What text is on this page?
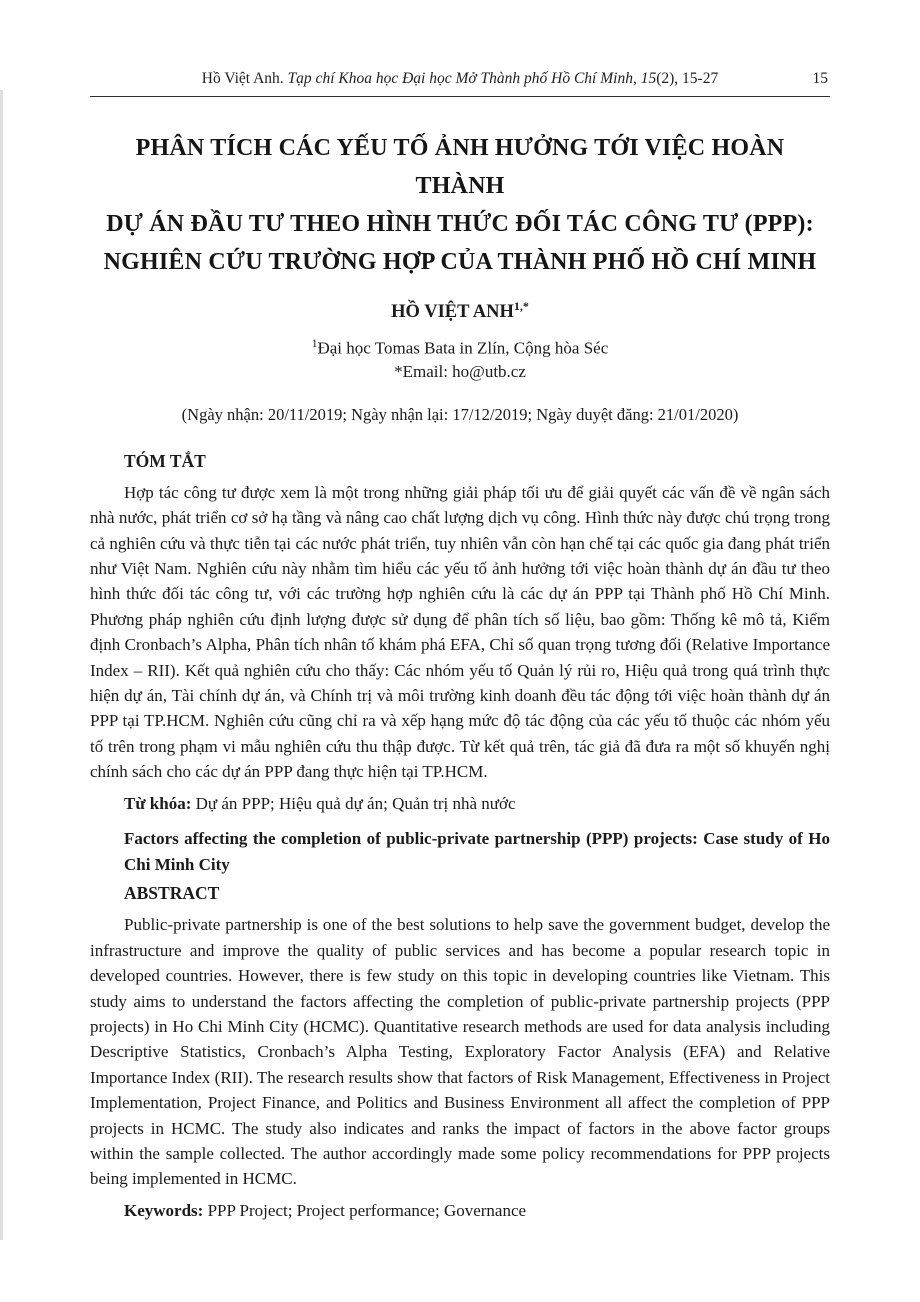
Hồ Việt Anh. Tạp chí Khoa học Đại học Mở Thành phố Hồ Chí Minh, 15(2), 15-27	15
PHÂN TÍCH CÁC YẾU TỐ ẢNH HƯỞNG TỚI VIỆC HOÀN THÀNH
DỰ ÁN ĐẦU TƯ THEO HÌNH THỨC ĐỐI TÁC CÔNG TƯ (PPP):
NGHIÊN CỨU TRƯỜNG HỢP CỦA THÀNH PHỐ HỒ CHÍ MINH
HỒ VIỆT $ANH^{1,*}$
$^1$Đại học Tomas Bata in Zlín, Cộng hòa Séc
*Email: ho@utb.cz
(Ngày nhận: 20/11/2019; Ngày nhận lại: 17/12/2019; Ngày duyệt đăng: 21/01/2020)
TÓM TẮT

Hợp tác công tư được xem là một trong những giải pháp tối ưu để giải quyết các vấn đề về ngân sách nhà nước, phát triển cơ sở hạ tầng và nâng cao chất lượng dịch vụ công. Hình thức này được chú trọng trong cả nghiên cứu và thực tiễn tại các nước phát triển, tuy nhiên vẫn còn hạn chế tại các quốc gia đang phát triển như Việt Nam. Nghiên cứu này nhằm tìm hiểu các yếu tố ảnh hưởng tới việc hoàn thành dự án đầu tư theo hình thức đối tác công tư, với các trường hợp nghiên cứu là các dự án PPP tại Thành phố Hồ Chí Minh. Phương pháp nghiên cứu định lượng được sử dụng để phân tích số liệu, bao gồm: Thống kê mô tả, Kiểm định Cronbach’s Alpha, Phân tích nhân tố khám phá EFA, Chỉ số quan trọng tương đối (Relative Importance Index – RII). Kết quả nghiên cứu cho thấy: Các nhóm yếu tố Quản lý rủi ro, Hiệu quả trong quá trình thực hiện dự án, Tài chính dự án, và Chính trị và môi trường kinh doanh đều tác động tới việc hoàn thành dự án PPP tại TP.HCM. Nghiên cứu cũng chỉ ra và xếp hạng mức độ tác động của các yếu tố thuộc các nhóm yếu tố trên trong phạm vi mẫu nghiên cứu thu thập được. Từ kết quả trên, tác giả đã đưa ra một số khuyến nghị chính sách cho các dự án PPP đang thực hiện tại TP.HCM.

Từ khóa: Dự án PPP; Hiệu quả dự án; Quản trị nhà nước
Factors affecting the completion of public-private partnership (PPP) projects: Case study of Ho Chi Minh City
ABSTRACT

Public-private partnership is one of the best solutions to help save the government budget, develop the infrastructure and improve the quality of public services and has become a popular research topic in developed countries. However, there is few study on this topic in developing countries like Vietnam. This study aims to understand the factors affecting the completion of public-private partnership projects (PPP projects) in Ho Chi Minh City (HCMC). Quantitative research methods are used for data analysis including Descriptive Statistics, Cronbach’s Alpha Testing, Exploratory Factor Analysis (EFA) and Relative Importance Index (RII). The research results show that factors of Risk Management, Effectiveness in Project Implementation, Project Finance, and Politics and Business Environment all affect the completion of PPP projects in HCMC. The study also indicates and ranks the impact of factors in the above factor groups within the sample collected. The author accordingly made some policy recommendations for PPP projects being implemented in HCMC.

Keywords: PPP Project; Project performance; Governance
